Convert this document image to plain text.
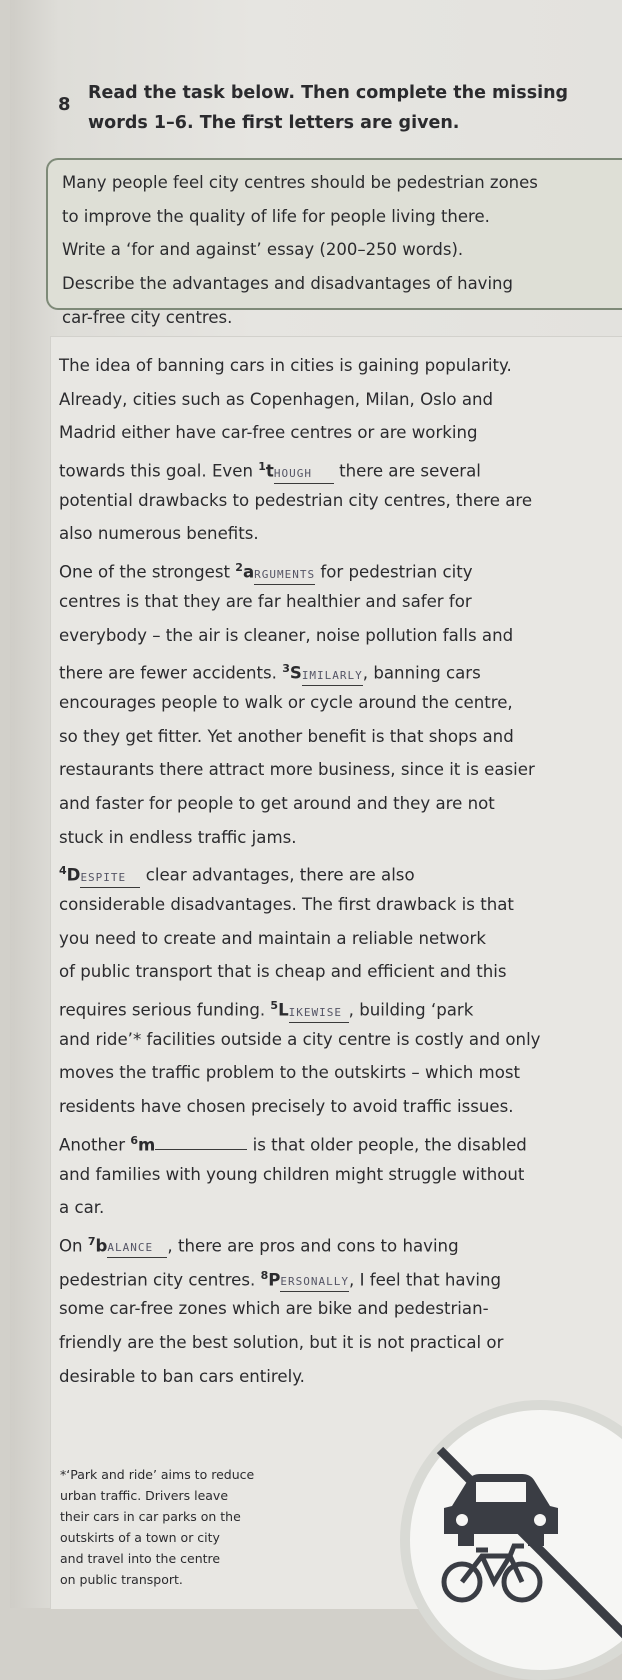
8
Read the task below. Then complete the missing
words 1–6. The first letters are given.

Many people feel city centres should be pedestrian zones
to improve the quality of life for people living there.
Write a ‘for and against’ essay (200–250 words).
Describe the advantages and disadvantages of having
car-free city centres.

The idea of banning cars in cities is gaining popularity.
Already, cities such as Copenhagen, Milan, Oslo and
Madrid either have car-free centres or are working
towards this goal. Even $^1$tHOUGH there are several
potential drawbacks to pedestrian city centres, there are
also numerous benefits.
One of the strongest $^2$aRGUMENTS for pedestrian city
centres is that they are far healthier and safer for
everybody – the air is cleaner, noise pollution falls and
there are fewer accidents. $^3$SIMILARLY, banning cars
encourages people to walk or cycle around the centre,
so they get fitter. Yet another benefit is that shops and
restaurants there attract more business, since it is easier
and faster for people to get around and they are not
stuck in endless traffic jams.
$^4$DESPITE clear advantages, there are also
considerable disadvantages. The first drawback is that
you need to create and maintain a reliable network
of public transport that is cheap and efficient and this
requires serious funding. $^5$LIKEWISE , building ‘park
and ride’* facilities outside a city centre is costly and only
moves the traffic problem to the outskirts – which most
residents have chosen precisely to avoid traffic issues.
Another $^6$m	is that older people, the disabled
and families with young children might struggle without
a car.
On $^7$bALANCE , there are pros and cons to having
pedestrian city centres. $^8$PERSONALLY, I feel that having
some car-free zones which are bike and pedestrian-
friendly are the best solution, but it is not practical or
desirable to ban cars entirely.
*‘Park and ride’ aims to reduce
urban traffic. Drivers leave
their cars in car parks on the
outskirts of a town or city
and travel into the centre
on public transport.
